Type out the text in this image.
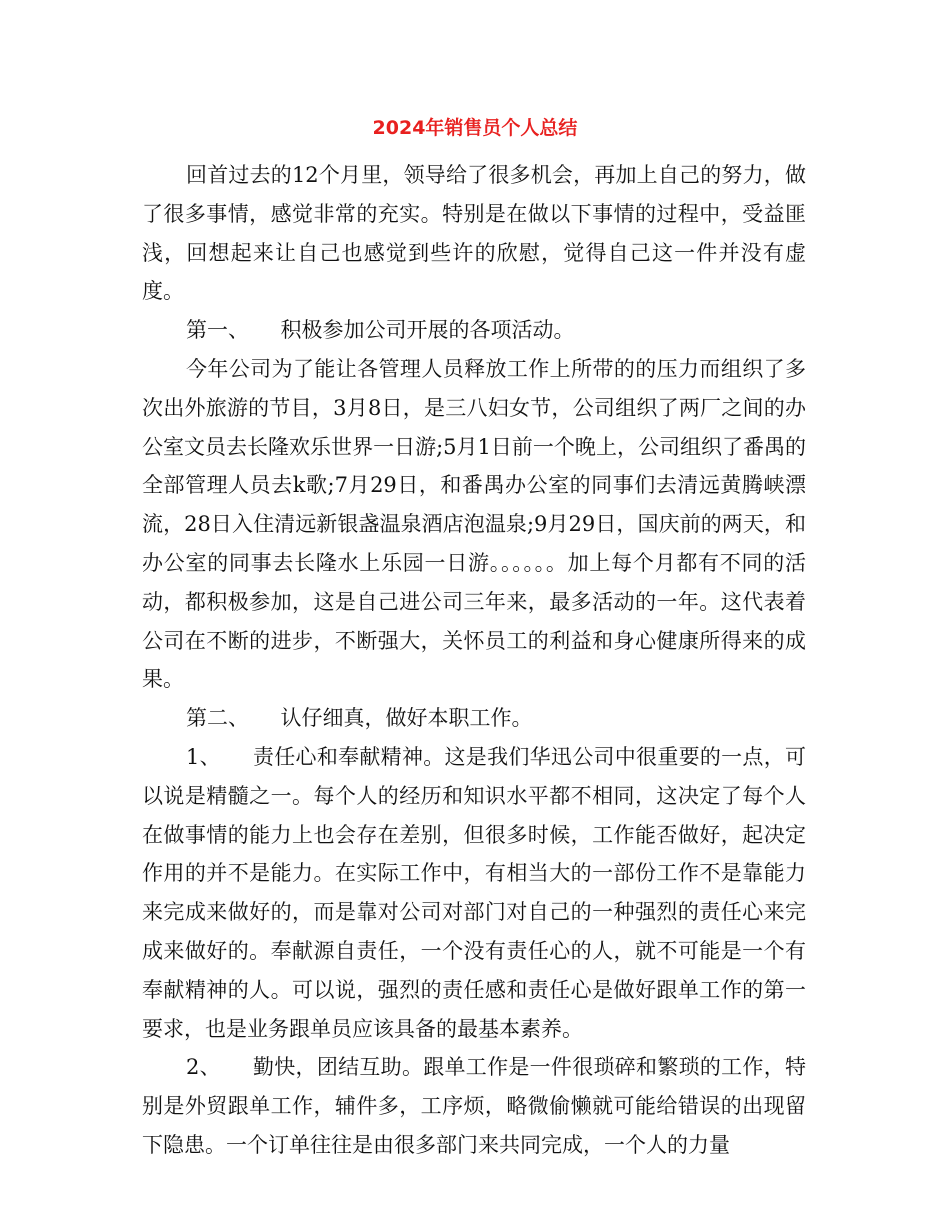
2024年销售员个人总结

回首过去的12个月里，领导给了很多机会，再加上自己的努力，做了很多事情，感觉非常的充实。特别是在做以下事情的过程中，受益匪浅，回想起来让自己也感觉到些许的欣慰，觉得自己这一件并没有虚度。

第一、　　积极参加公司开展的各项活动。

今年公司为了能让各管理人员释放工作上所带的的压力而组织了多次出外旅游的节目，3月8日，是三八妇女节，公司组织了两厂之间的办公室文员去长隆欢乐世界一日游;5月1日前一个晚上，公司组织了番禺的全部管理人员去k歌;7月29日，和番禺办公室的同事们去清远黄腾峡漂流，28日入住清远新银盏温泉酒店泡温泉;9月29日，国庆前的两天，和办公室的同事去长隆水上乐园一日游。。。。。。加上每个月都有不同的活动，都积极参加，这是自己进公司三年来，最多活动的一年。这代表着公司在不断的进步，不断强大，关怀员工的利益和身心健康所得来的成果。

第二、　　认仔细真，做好本职工作。

1、　　责任心和奉献精神。这是我们华迅公司中很重要的一点，可以说是精髓之一。每个人的经历和知识水平都不相同，这决定了每个人在做事情的能力上也会存在差别，但很多时候，工作能否做好，起决定作用的并不是能力。在实际工作中，有相当大的一部份工作不是靠能力来完成来做好的，而是靠对公司对部门对自己的一种强烈的责任心来完成来做好的。奉献源自责任，一个没有责任心的人，就不可能是一个有奉献精神的人。可以说，强烈的责任感和责任心是做好跟单工作的第一要求，也是业务跟单员应该具备的最基本素养。

2、　　勤快，团结互助。跟单工作是一件很琐碎和繁琐的工作，特别是外贸跟单工作，辅件多，工序烦，略微偷懒就可能给错误的出现留下隐患。一个订单往往是由很多部门来共同完成，一个人的力量
